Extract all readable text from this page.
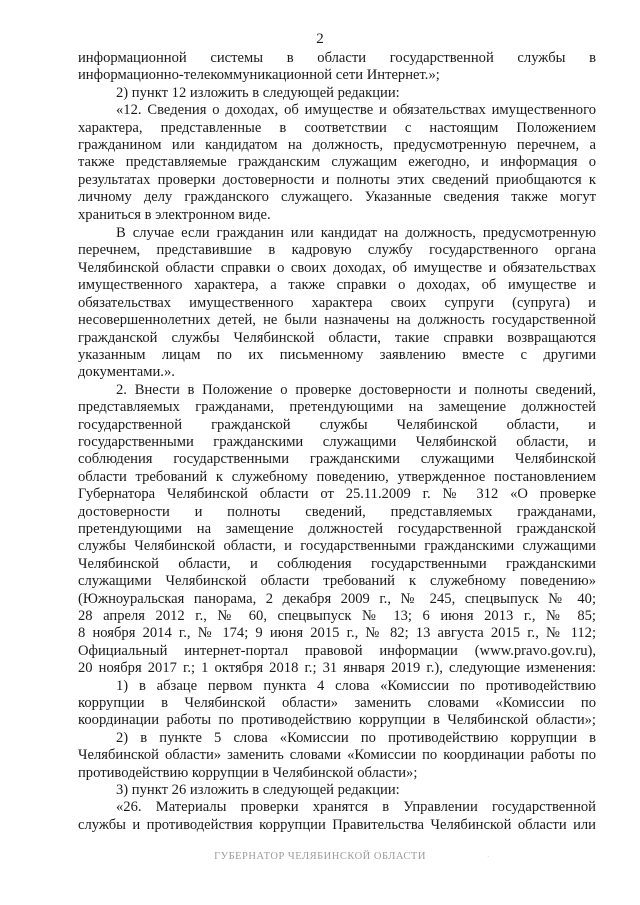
2

информационной системы в области государственной службы в

информационно-телекоммуникационной сети Интернет.»;

2) пункт 12 изложить в следующей редакции:

«12. Сведения о доходах, об имуществе и обязательствах имущественного

характера, представленные в соответствии с настоящим Положением

гражданином или кандидатом на должность, предусмотренную перечнем, а

также представляемые гражданским служащим ежегодно, и информация о

результатах проверки достоверности и полноты этих сведений приобщаются к

личному делу гражданского служащего. Указанные сведения также могут

храниться в электронном виде.

В случае если гражданин или кандидат на должность, предусмотренную

перечнем, представившие в кадровую службу государственного органа

Челябинской области справки о своих доходах, об имуществе и обязательствах

имущественного характера, а также справки о доходах, об имуществе и

обязательствах имущественного характера своих супруги (супруга) и

несовершеннолетних детей, не были назначены на должность государственной

гражданской службы Челябинской области, такие справки возвращаются

указанным лицам по их письменному заявлению вместе с другими

документами.».

2. Внести в Положение о проверке достоверности и полноты сведений,

представляемых гражданами, претендующими на замещение должностей

государственной гражданской службы Челябинской области, и

государственными гражданскими служащими Челябинской области, и

соблюдения государственными гражданскими служащими Челябинской

области требований к служебному поведению, утвержденное постановлением

Губернатора Челябинской области от 25.11.2009 г. № 312 «О проверке

достоверности и полноты сведений, представляемых гражданами,

претендующими на замещение должностей государственной гражданской

службы Челябинской области, и государственными гражданскими служащими

Челябинской области, и соблюдения государственными гражданскими

служащими Челябинской области требований к служебному поведению»

(Южноуральская панорама, 2 декабря 2009 г., № 245, спецвыпуск № 40;

28 апреля 2012 г., № 60, спецвыпуск № 13; 6 июня 2013 г., № 85;

8 ноября 2014 г., № 174; 9 июня 2015 г., № 82; 13 августа 2015 г., № 112;

Официальный интернет-портал правовой информации (www.pravo.gov.ru),

20 ноября 2017 г.; 1 октября 2018 г.; 31 января 2019 г.), следующие изменения:

1) в абзаце первом пункта 4 слова «Комиссии по противодействию

коррупции в Челябинской области» заменить словами «Комиссии по

координации работы по противодействию коррупции в Челябинской области»;

2) в пункте 5 слова «Комиссии по противодействию коррупции в

Челябинской области» заменить словами «Комиссии по координации работы по

противодействию коррупции в Челябинской области»;

3) пункт 26 изложить в следующей редакции:

«26. Материалы проверки хранятся в Управлении государственной

службы и противодействия коррупции Правительства Челябинской области или

ГУБЕРНАТОР ЧЕЛЯБИНСКОЙ ОБЛАСТИ	·
